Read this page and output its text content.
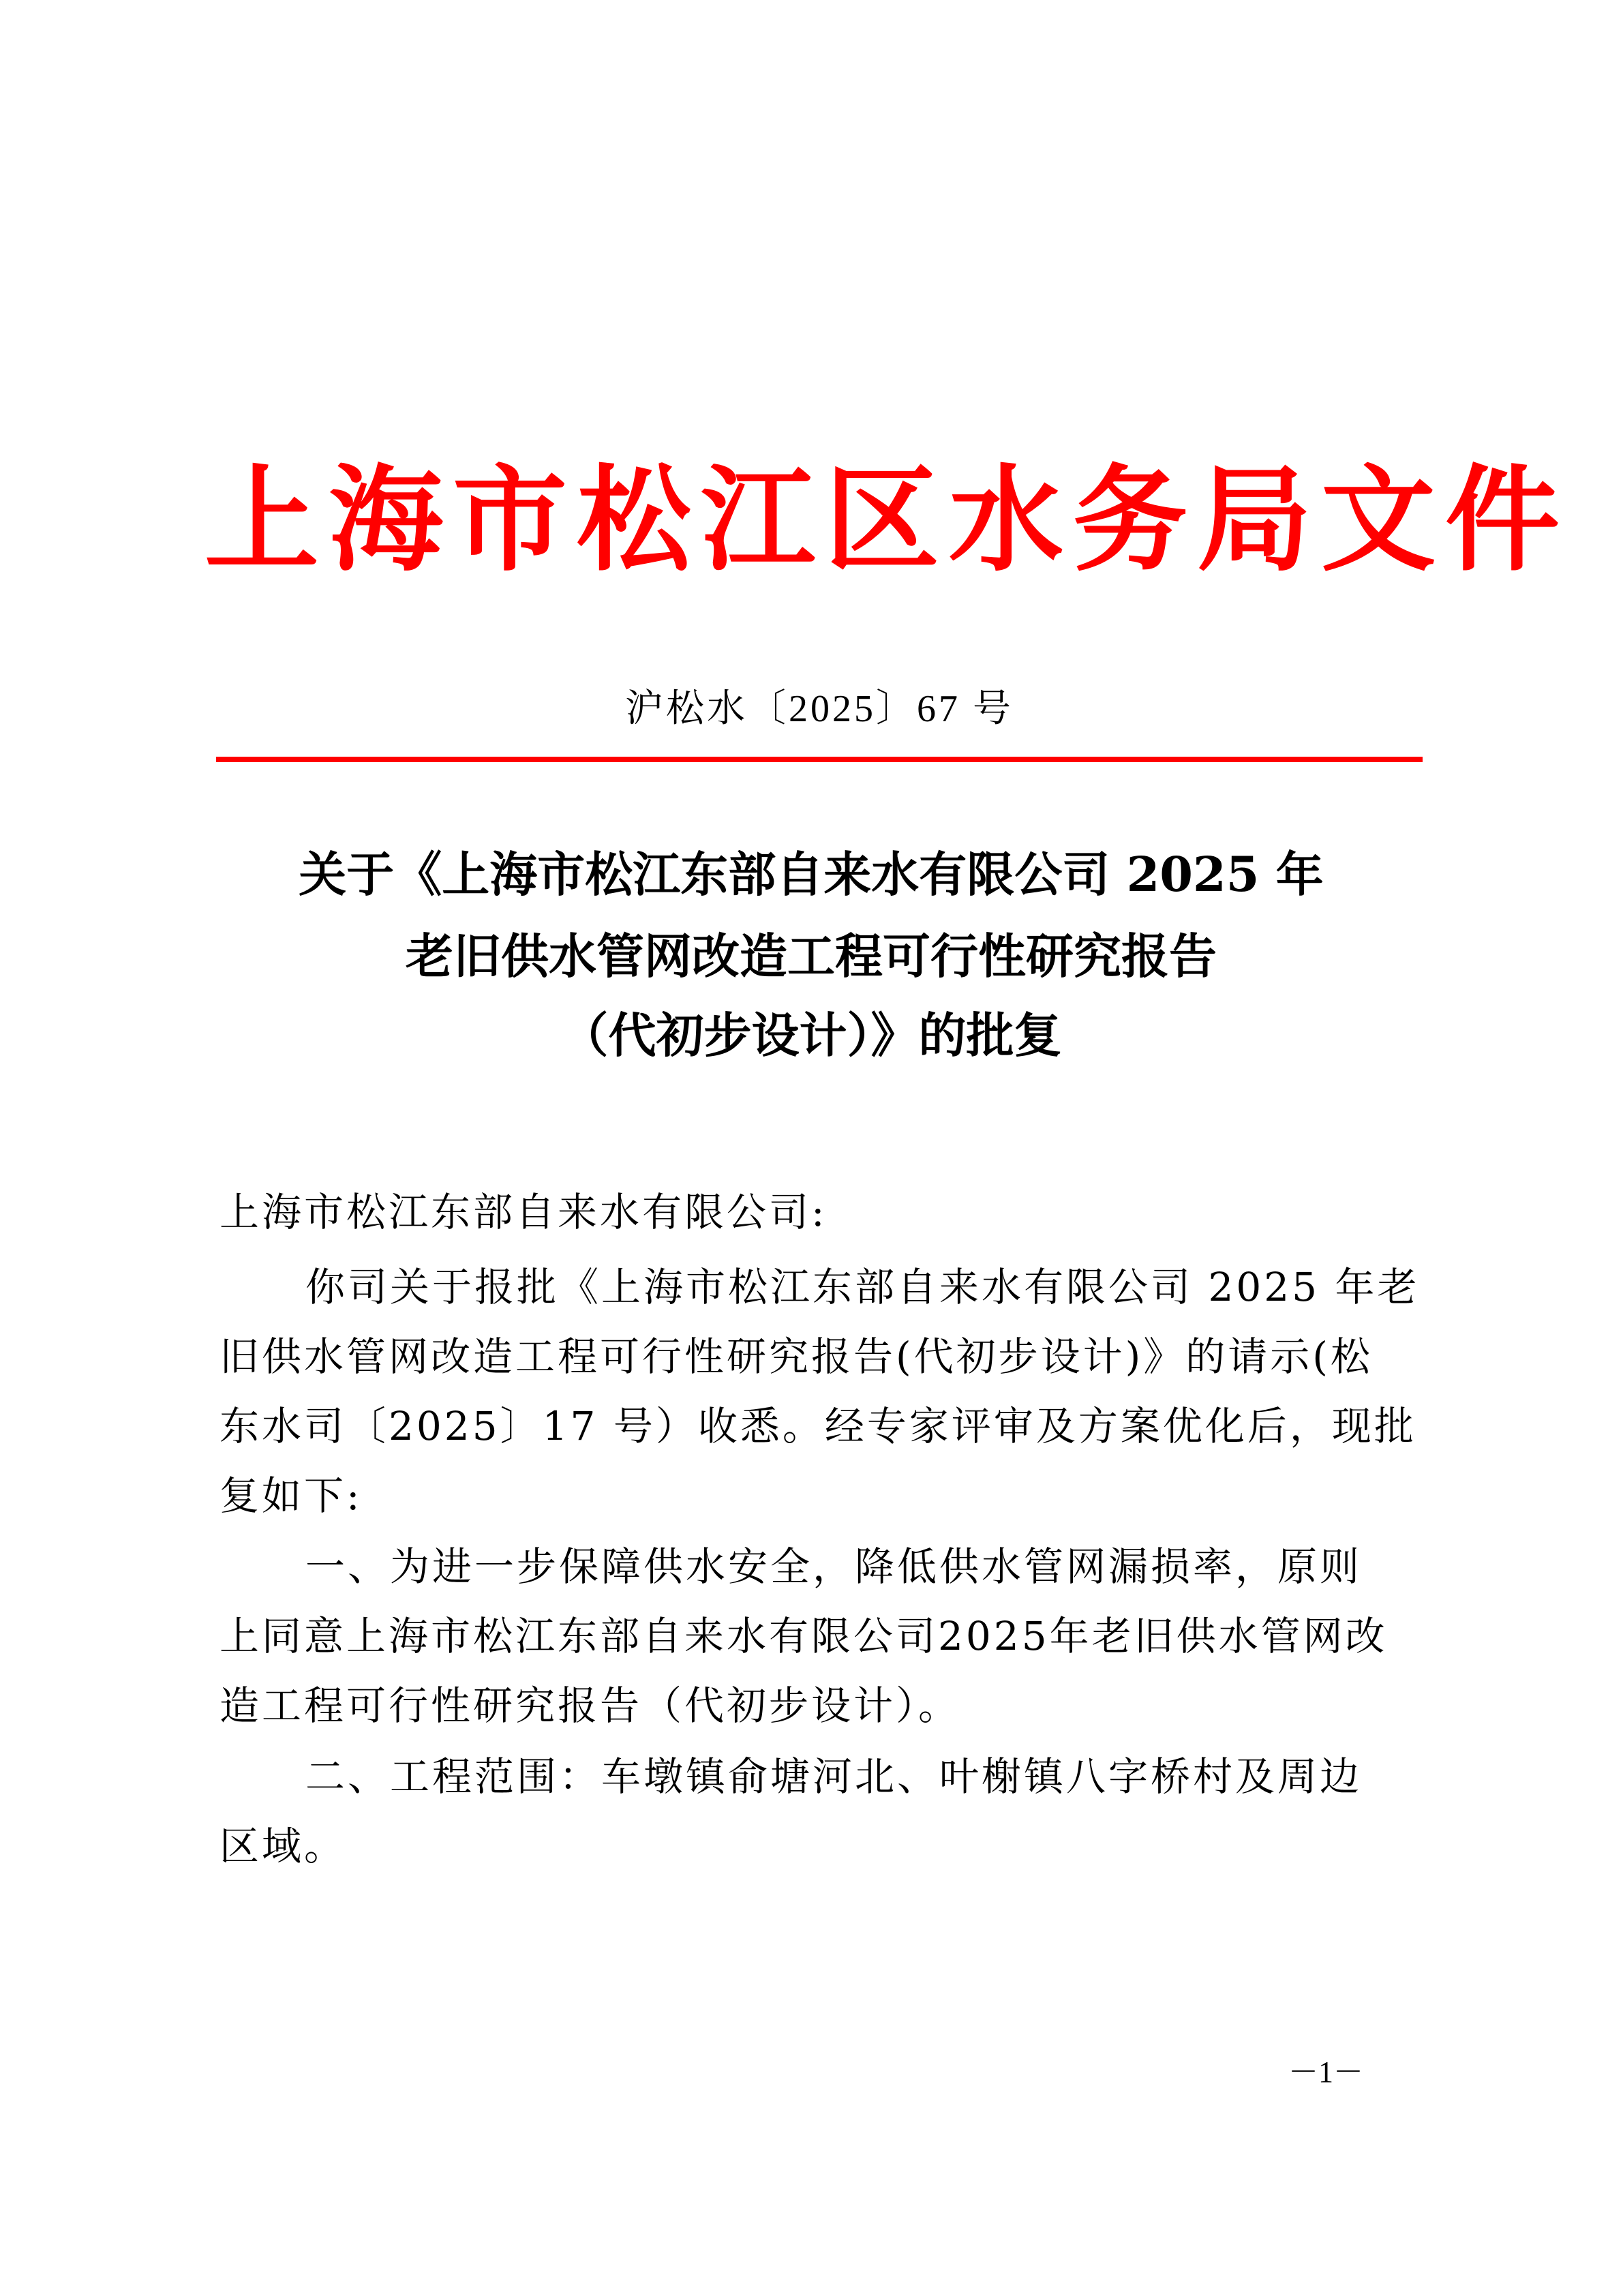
上海市松江区水务局文件
沪松水〔2025〕67 号
关于《上海市松江东部自来水有限公司 2025 年
老旧供水管网改造工程可行性研究报告
（代初步设计）》的批复
上海市松江东部自来水有限公司:
你司关于报批《上海市松江东部自来水有限公司 2025 年老
旧供水管网改造工程可行性研究报告(代初步设计)》的请示(松
东水司〔2025〕17 号）收悉。经专家评审及方案优化后，现批
复如下:
一、为进一步保障供水安全，降低供水管网漏损率，原则
上同意上海市松江东部自来水有限公司2025年老旧供水管网改
造工程可行性研究报告（代初步设计）。
二、工程范围：车墩镇俞塘河北、叶榭镇八字桥村及周边
区域。
－1－
